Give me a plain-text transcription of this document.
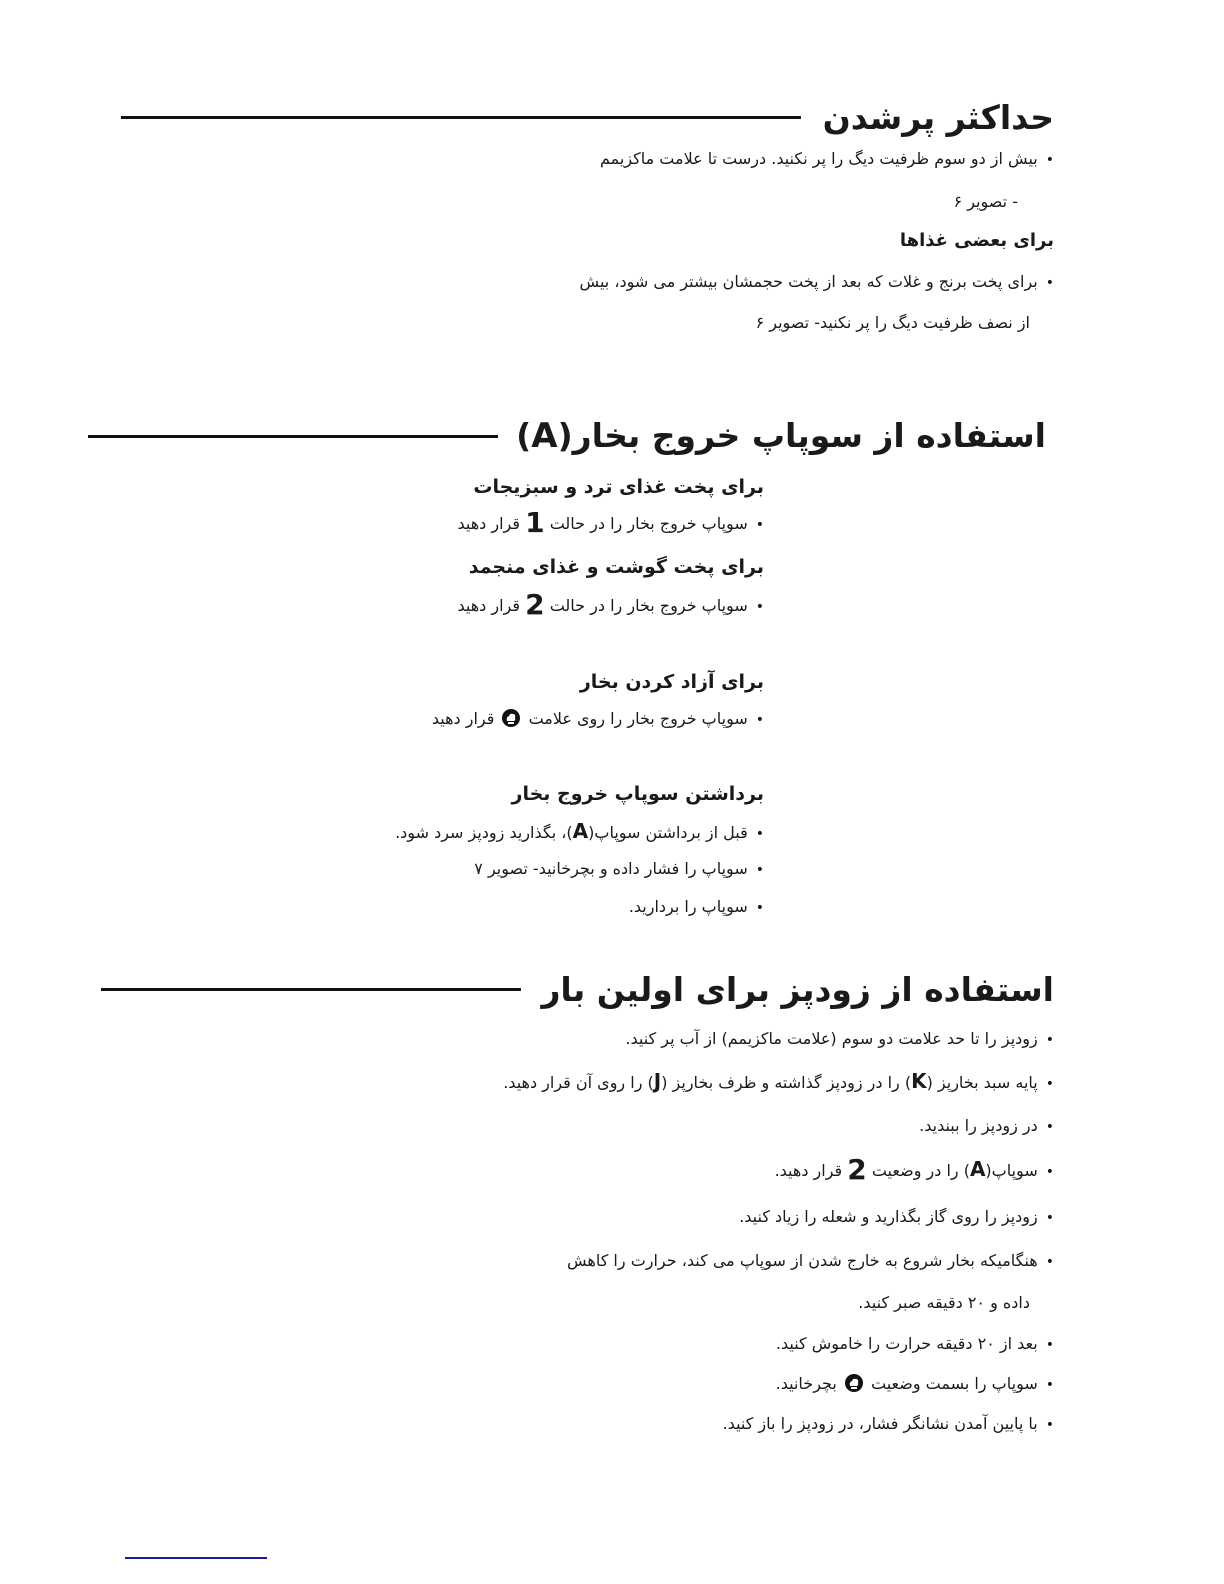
حداکثر پرشدن
•بیش از دو سوم ظرفیت دیگ را پر نکنید. درست تا علامت ماکزیمم
- تصویر ۶
برای بعضی غذاها
•برای پخت برنج و غلات که بعد از پخت حجمشان بیشتر می شود، بیش
از نصف ظرفیت دیگ را پر نکنید- تصویر ۶
استفاده از سوپاپ خروج بخار(A)
برای پخت غذای ترد و سبزیجات
•سوپاپ خروج بخار را در حالت 1 قرار دهید
برای پخت گوشت و غذای منجمد
•سوپاپ خروج بخار را در حالت 2 قرار دهید
برای آزاد کردن بخار
•سوپاپ خروج بخار را روی علامت  قرار دهید
برداشتن سوپاپ خروج بخار
•قبل از برداشتن سوپاپ(A)، بگذارید زودپز سرد شود.
•سوپاپ را فشار داده و بچرخانید- تصویر ۷
•سوپاپ را بردارید.
استفاده از زودپز برای اولین بار
•زودپز را تا حد علامت دو سوم (علامت ماکزیمم) از آب پر کنید.
•پایه سبد بخارپز (K) را در زودپز گذاشته و ظرف بخارپز (J) را روی آن قرار دهید.
•در زودپز را ببندید.
•سوپاپ(A) را در وضعیت 2 قرار دهید.
•زودپز را روی گاز بگذارید و شعله را زیاد کنید.
•هنگامیکه بخار شروع به خارج شدن از سوپاپ می کند، حرارت را کاهش
داده و ۲۰ دقیقه صبر کنید.
•بعد از ۲۰ دقیقه حرارت را خاموش کنید.
•سوپاپ را بسمت وضعیت  بچرخانید.
•با پایین آمدن نشانگر فشار، در زودپز را باز کنید.
